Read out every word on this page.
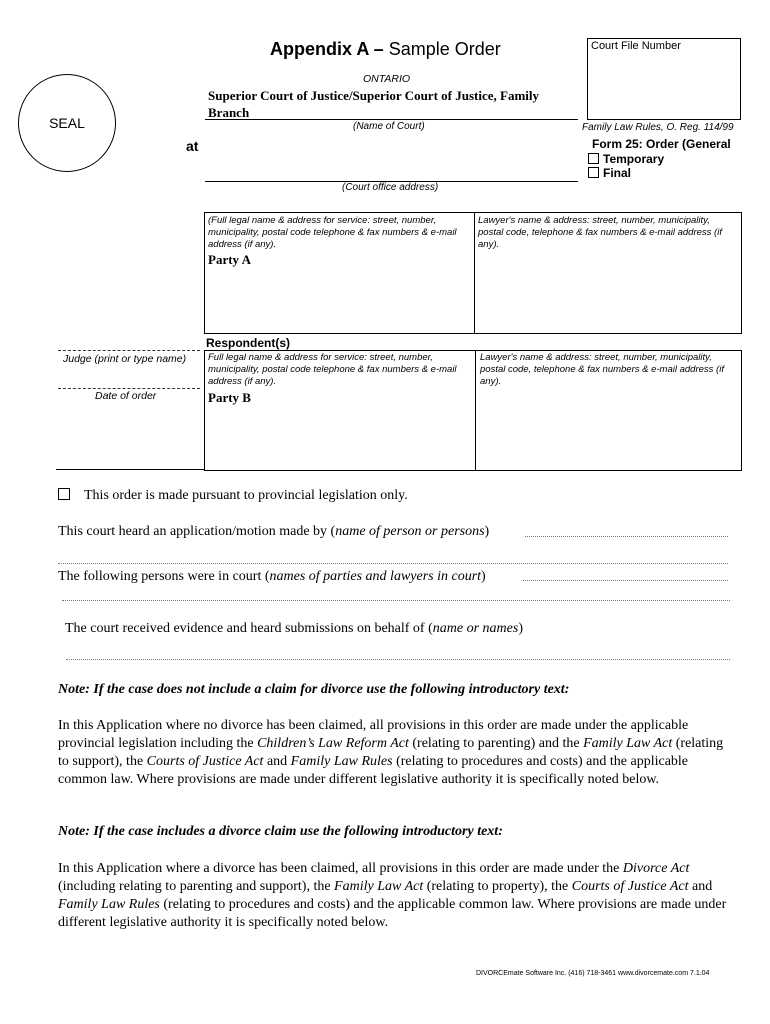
Appendix A – Sample Order
SEAL
Court File Number
ONTARIO
Superior Court of Justice/Superior Court of Justice, Family Branch
(Name of Court)
at
(Court office address)
Family Law Rules, O. Reg. 114/99
Form 25: Order (General
Temporary
Final
(Full legal name & address for service: street, number, municipality, postal code telephone & fax numbers & e-mail address (if any).
Lawyer's name & address: street, number, municipality, postal code, telephone & fax numbers & e-mail address (if any).
Party A
Respondent(s)
Full legal name & address for service: street, number, municipality, postal code telephone & fax numbers & e-mail address (if any).
Lawyer's name & address: street, number, municipality, postal code, telephone & fax numbers & e-mail address (if any).
Party B
Judge (print or type name)
Date of order
This order is made pursuant to provincial legislation only.
This court heard an application/motion made by (name of person or persons)
The following persons were in court (names of parties and lawyers in court)
The court received evidence and heard submissions on behalf of (name or names)
Note: If the case does not include a claim for divorce use the following introductory text:
In this Application where no divorce has been claimed, all provisions in this order are made under the applicable provincial legislation including the Children’s Law Reform Act (relating to parenting) and the Family Law Act (relating to support), the Courts of Justice Act and Family Law Rules (relating to procedures and costs) and the applicable common law. Where provisions are made under different legislative authority it is specifically noted below.
Note: If the case includes a divorce claim use the following introductory text:
In this Application where a divorce has been claimed, all provisions in this order are made under the Divorce Act (including relating to parenting and support), the Family Law Act (relating to property), the Courts of Justice Act and Family Law Rules (relating to procedures and costs) and the applicable common law. Where provisions are made under different legislative authority it is specifically noted below.
DIVORCEmate Software Inc. (416) 718-3461 www.divorcemate.com 7.1.04
